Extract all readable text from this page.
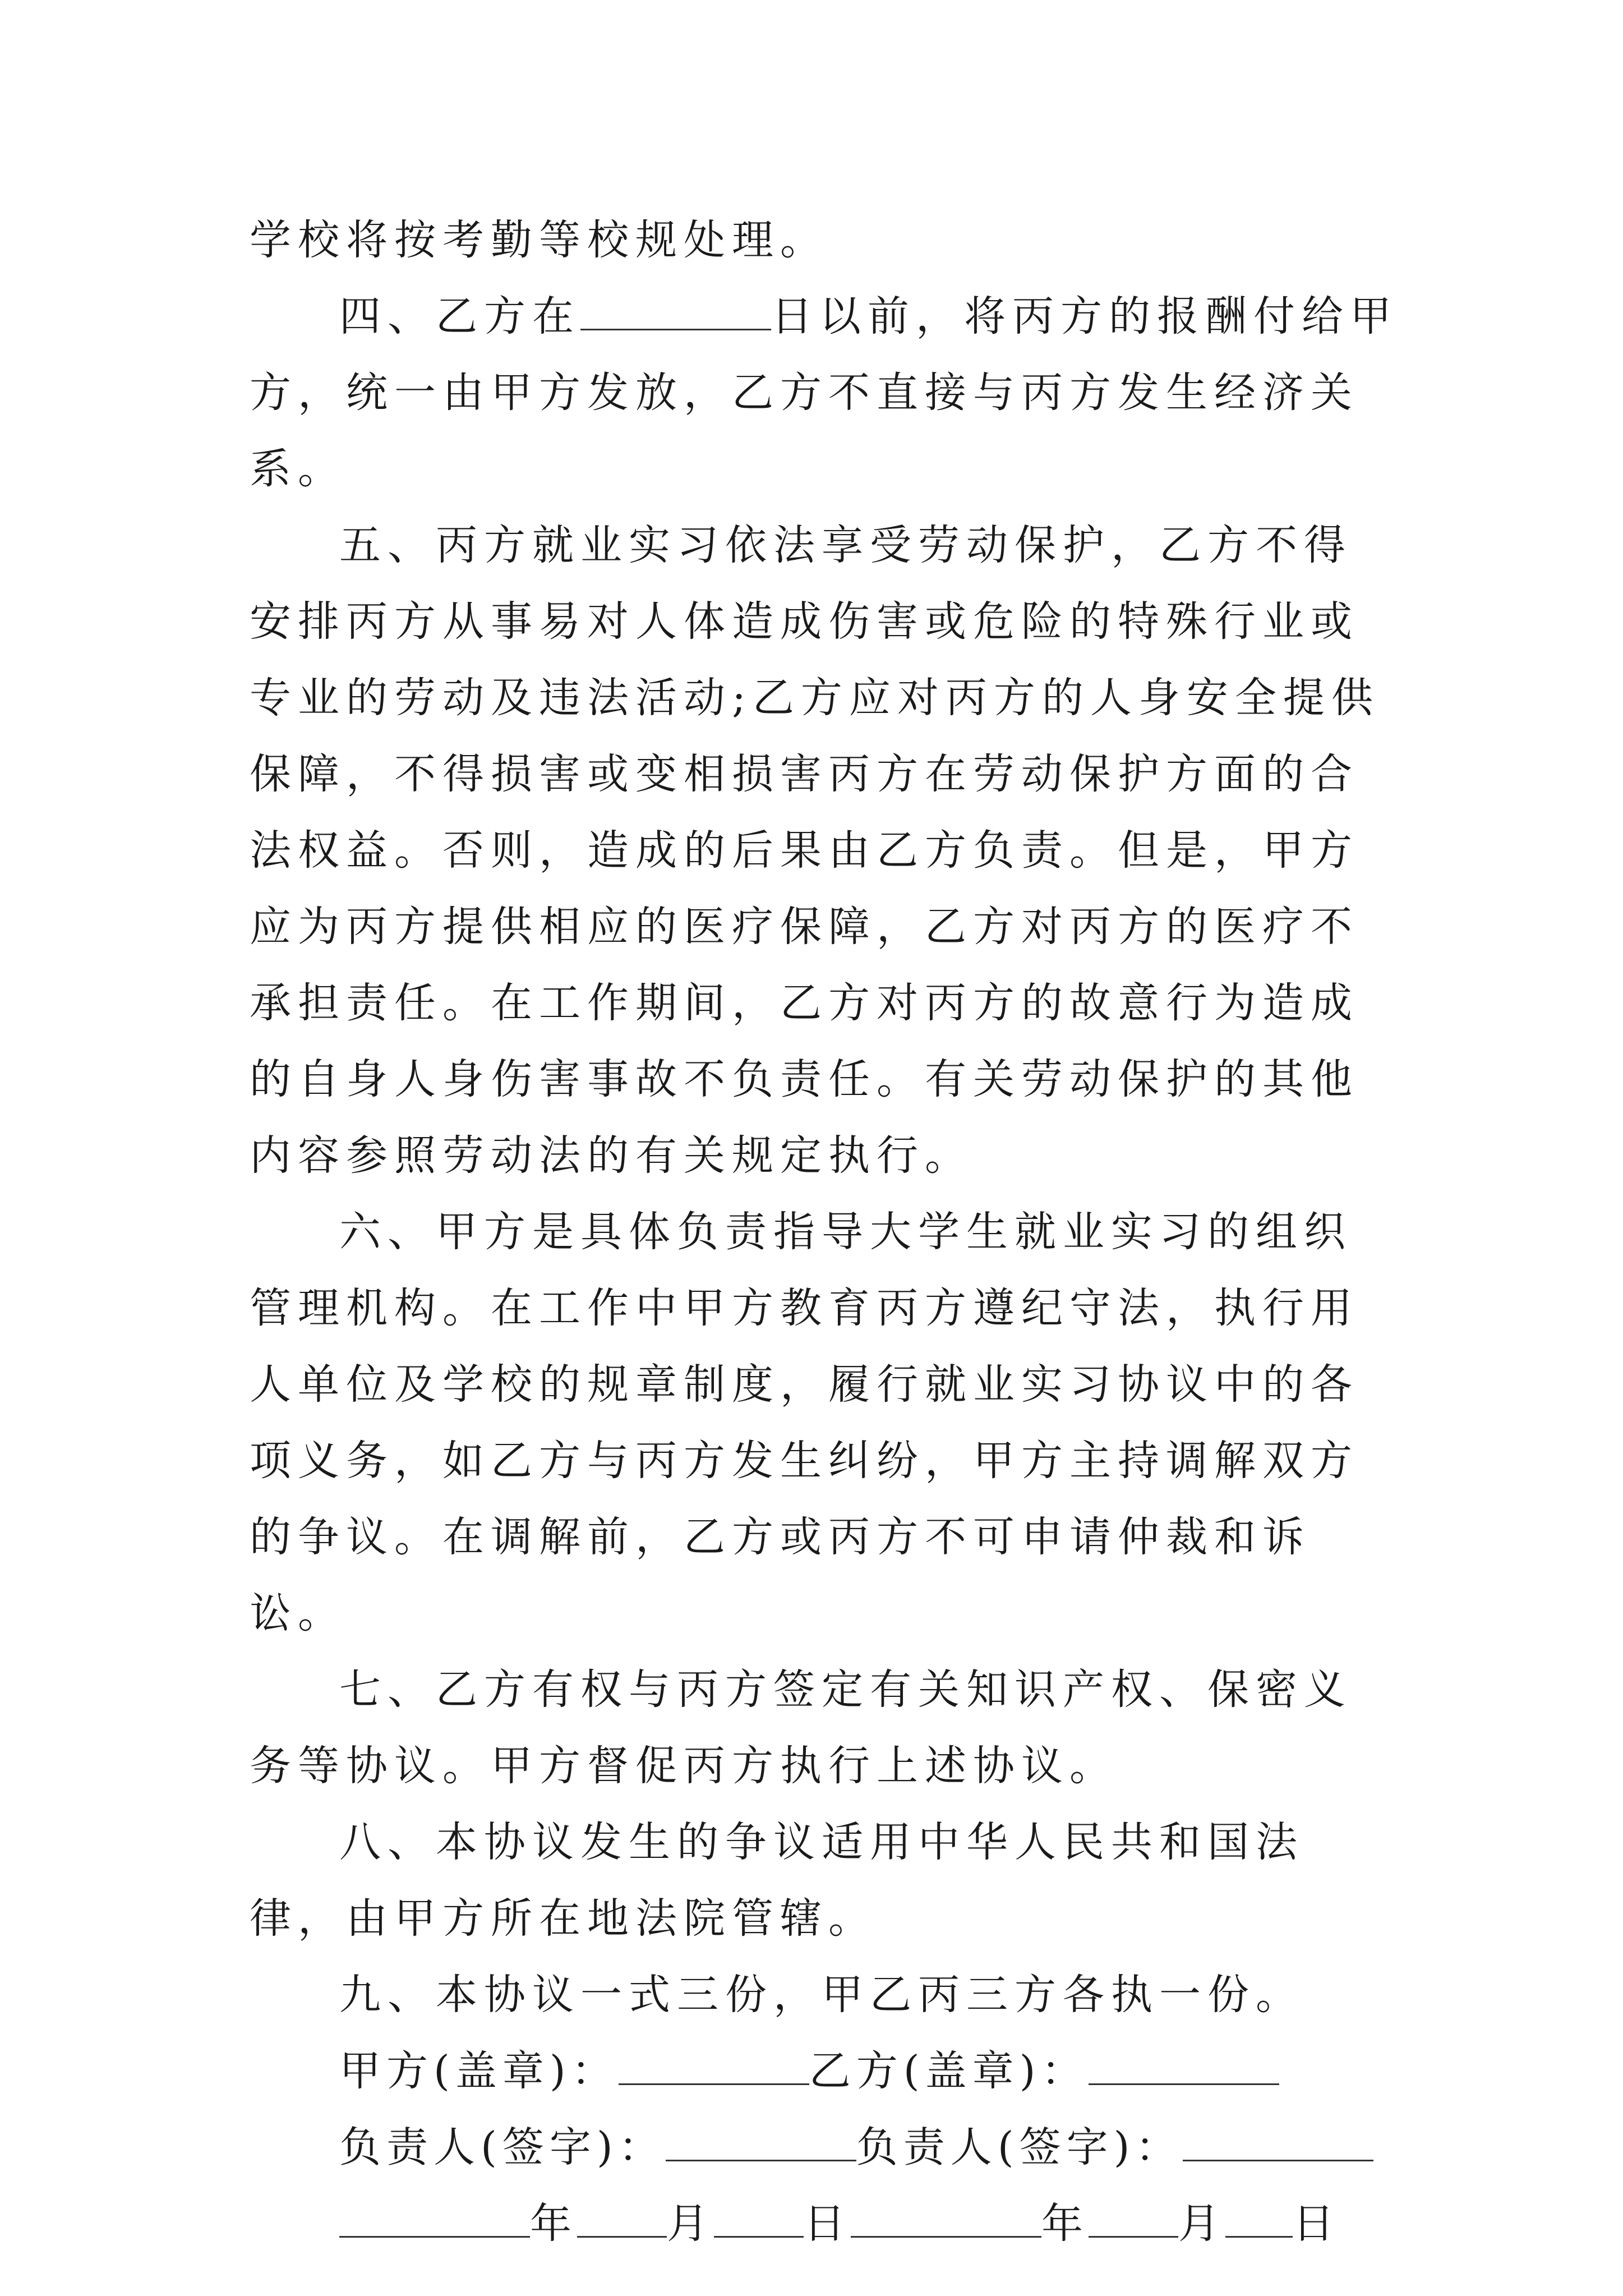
学校将按考勤等校规处理。

四、乙方在	日以前，将丙方的报酬付给甲方，统一由甲方发放，乙方不直接与丙方发生经济关系。

五、丙方就业实习依法享受劳动保护，乙方不得安排丙方从事易对人体造成伤害或危险的特殊行业或专业的劳动及违法活动;乙方应对丙方的人身安全提供保障，不得损害或变相损害丙方在劳动保护方面的合法权益。否则，造成的后果由乙方负责。但是，甲方应为丙方提供相应的医疗保障，乙方对丙方的医疗不承担责任。在工作期间，乙方对丙方的故意行为造成的自身人身伤害事故不负责任。有关劳动保护的其他内容参照劳动法的有关规定执行。

六、甲方是具体负责指导大学生就业实习的组织管理机构。在工作中甲方教育丙方遵纪守法，执行用人单位及学校的规章制度，履行就业实习协议中的各项义务，如乙方与丙方发生纠纷，甲方主持调解双方的争议。在调解前，乙方或丙方不可申请仲裁和诉讼。

七、乙方有权与丙方签定有关知识产权、保密义务等协议。甲方督促丙方执行上述协议。

八、本协议发生的争议适用中华人民共和国法律，由甲方所在地法院管辖。

九、本协议一式三份，甲乙丙三方各执一份。

甲方(盖章)：	乙方(盖章)：

负责人(签字)：	负责人(签字)：

年 月 日	年 月 日
